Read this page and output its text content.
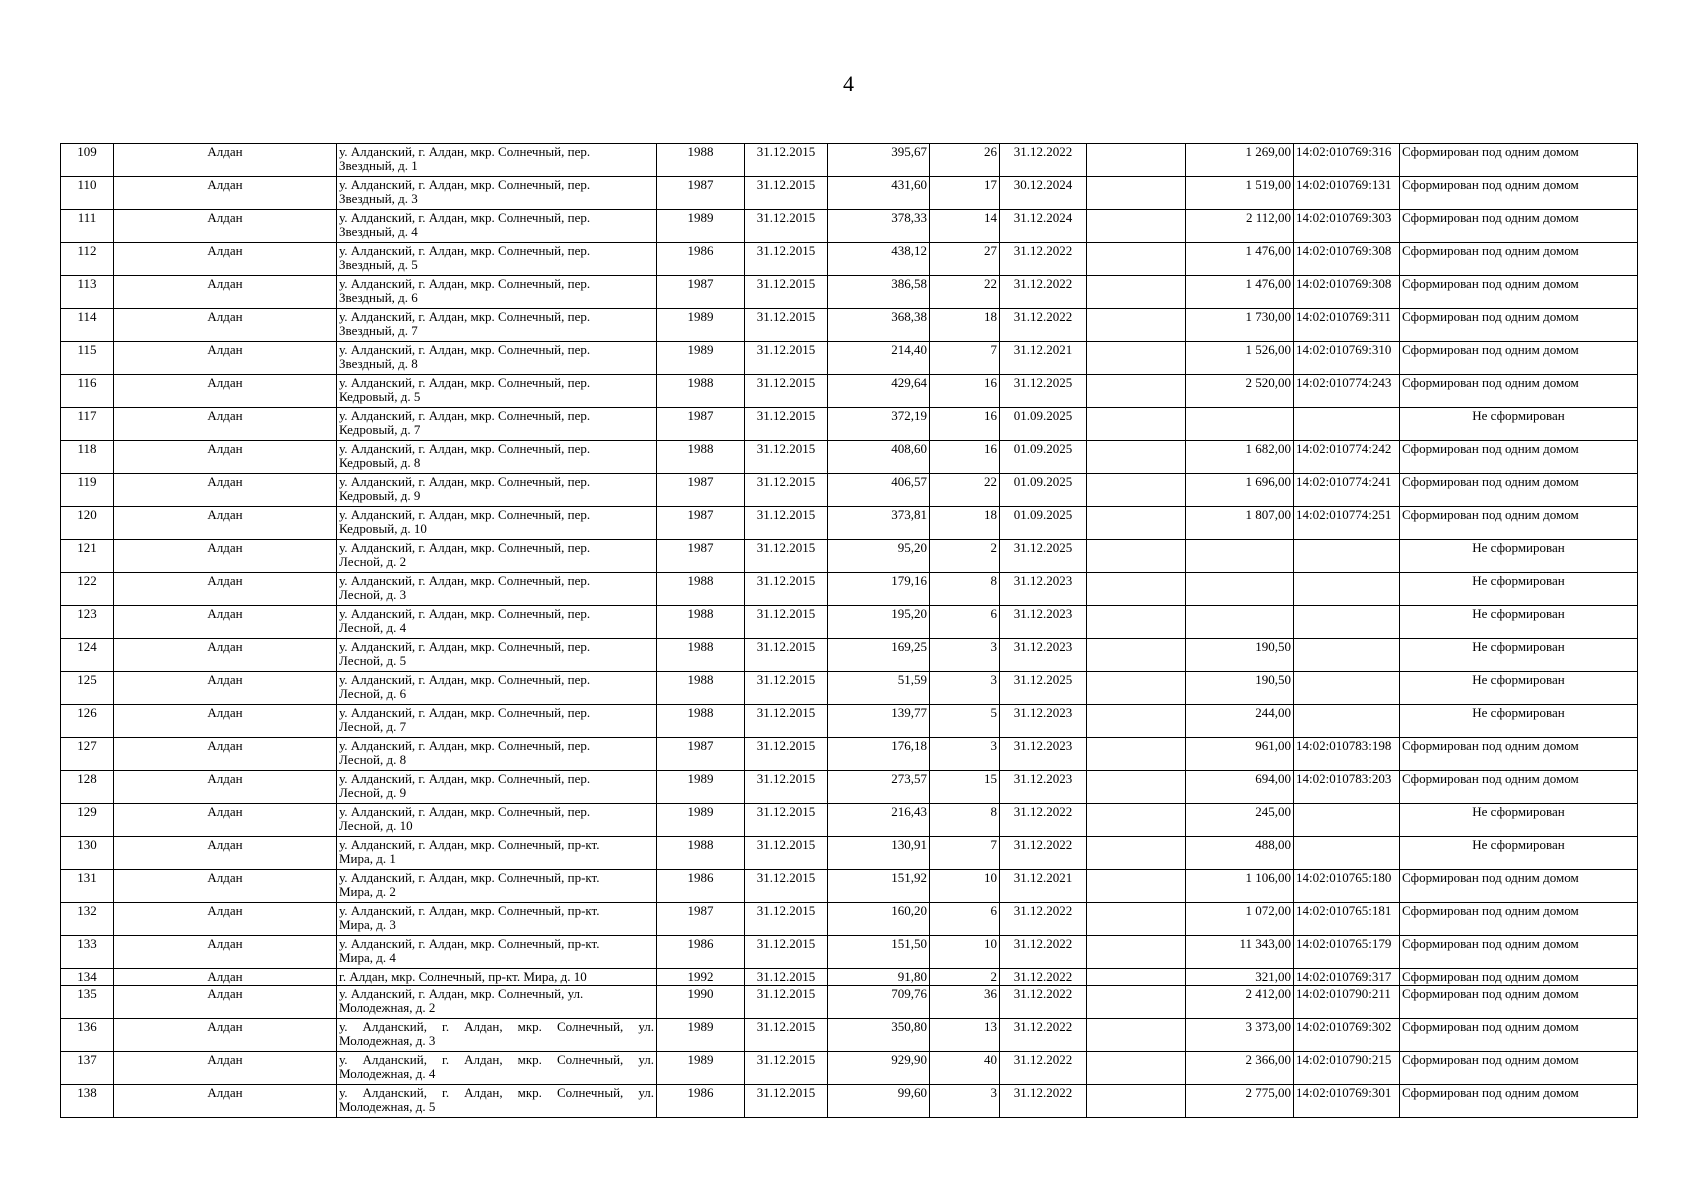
4
109	Алдан	у. Алданский, г. Алдан, мкр. Солнечный, пер.
Звездный, д. 1	1988	31.12.2015	395,67	26	31.12.2022		1 269,00	14:02:010769:316	Сформирован под одним домом
110	Алдан	у. Алданский, г. Алдан, мкр. Солнечный, пер.
Звездный, д. 3	1987	31.12.2015	431,60	17	30.12.2024		1 519,00	14:02:010769:131	Сформирован под одним домом
111	Алдан	у. Алданский, г. Алдан, мкр. Солнечный, пер.
Звездный, д. 4	1989	31.12.2015	378,33	14	31.12.2024		2 112,00	14:02:010769:303	Сформирован под одним домом
112	Алдан	у. Алданский, г. Алдан, мкр. Солнечный, пер.
Звездный, д. 5	1986	31.12.2015	438,12	27	31.12.2022		1 476,00	14:02:010769:308	Сформирован под одним домом
113	Алдан	у. Алданский, г. Алдан, мкр. Солнечный, пер.
Звездный, д. 6	1987	31.12.2015	386,58	22	31.12.2022		1 476,00	14:02:010769:308	Сформирован под одним домом
114	Алдан	у. Алданский, г. Алдан, мкр. Солнечный, пер.
Звездный, д. 7	1989	31.12.2015	368,38	18	31.12.2022		1 730,00	14:02:010769:311	Сформирован под одним домом
115	Алдан	у. Алданский, г. Алдан, мкр. Солнечный, пер.
Звездный, д. 8	1989	31.12.2015	214,40	7	31.12.2021		1 526,00	14:02:010769:310	Сформирован под одним домом
116	Алдан	у. Алданский, г. Алдан, мкр. Солнечный, пер.
Кедровый, д. 5	1988	31.12.2015	429,64	16	31.12.2025		2 520,00	14:02:010774:243	Сформирован под одним домом
117	Алдан	у. Алданский, г. Алдан, мкр. Солнечный, пер.
Кедровый, д. 7	1987	31.12.2015	372,19	16	01.09.2025				Не сформирован
118	Алдан	у. Алданский, г. Алдан, мкр. Солнечный, пер.
Кедровый, д. 8	1988	31.12.2015	408,60	16	01.09.2025		1 682,00	14:02:010774:242	Сформирован под одним домом
119	Алдан	у. Алданский, г. Алдан, мкр. Солнечный, пер.
Кедровый, д. 9	1987	31.12.2015	406,57	22	01.09.2025		1 696,00	14:02:010774:241	Сформирован под одним домом
120	Алдан	у. Алданский, г. Алдан, мкр. Солнечный, пер.
Кедровый, д. 10	1987	31.12.2015	373,81	18	01.09.2025		1 807,00	14:02:010774:251	Сформирован под одним домом
121	Алдан	у. Алданский, г. Алдан, мкр. Солнечный, пер.
Лесной, д. 2	1987	31.12.2015	95,20	2	31.12.2025				Не сформирован
122	Алдан	у. Алданский, г. Алдан, мкр. Солнечный, пер.
Лесной, д. 3	1988	31.12.2015	179,16	8	31.12.2023				Не сформирован
123	Алдан	у. Алданский, г. Алдан, мкр. Солнечный, пер.
Лесной, д. 4	1988	31.12.2015	195,20	6	31.12.2023				Не сформирован
124	Алдан	у. Алданский, г. Алдан, мкр. Солнечный, пер.
Лесной, д. 5	1988	31.12.2015	169,25	3	31.12.2023		190,50		Не сформирован
125	Алдан	у. Алданский, г. Алдан, мкр. Солнечный, пер.
Лесной, д. 6	1988	31.12.2015	51,59	3	31.12.2025		190,50		Не сформирован
126	Алдан	у. Алданский, г. Алдан, мкр. Солнечный, пер.
Лесной, д. 7	1988	31.12.2015	139,77	5	31.12.2023		244,00		Не сформирован
127	Алдан	у. Алданский, г. Алдан, мкр. Солнечный, пер.
Лесной, д. 8	1987	31.12.2015	176,18	3	31.12.2023		961,00	14:02:010783:198	Сформирован под одним домом
128	Алдан	у. Алданский, г. Алдан, мкр. Солнечный, пер.
Лесной, д. 9	1989	31.12.2015	273,57	15	31.12.2023		694,00	14:02:010783:203	Сформирован под одним домом
129	Алдан	у. Алданский, г. Алдан, мкр. Солнечный, пер.
Лесной, д. 10	1989	31.12.2015	216,43	8	31.12.2022		245,00		Не сформирован
130	Алдан	у. Алданский, г. Алдан, мкр. Солнечный, пр-кт.
Мира, д. 1	1988	31.12.2015	130,91	7	31.12.2022		488,00		Не сформирован
131	Алдан	у. Алданский, г. Алдан, мкр. Солнечный, пр-кт.
Мира, д. 2	1986	31.12.2015	151,92	10	31.12.2021		1 106,00	14:02:010765:180	Сформирован под одним домом
132	Алдан	у. Алданский, г. Алдан, мкр. Солнечный, пр-кт.
Мира, д. 3	1987	31.12.2015	160,20	6	31.12.2022		1 072,00	14:02:010765:181	Сформирован под одним домом
133	Алдан	у. Алданский, г. Алдан, мкр. Солнечный, пр-кт.
Мира, д. 4	1986	31.12.2015	151,50	10	31.12.2022		11 343,00	14:02:010765:179	Сформирован под одним домом
134	Алдан	г. Алдан, мкр. Солнечный, пр-кт. Мира, д. 10	1992	31.12.2015	91,80	2	31.12.2022		321,00	14:02:010769:317	Сформирован под одним домом
135	Алдан	у. Алданский, г. Алдан, мкр. Солнечный, ул.
Молодежная, д. 2	1990	31.12.2015	709,76	36	31.12.2022		2 412,00	14:02:010790:211	Сформирован под одним домом
136	Алдан	у. Алданский, г. Алдан, мкр. Солнечный, ул.
Молодежная, д. 3	1989	31.12.2015	350,80	13	31.12.2022		3 373,00	14:02:010769:302	Сформирован под одним домом
137	Алдан	у. Алданский, г. Алдан, мкр. Солнечный, ул.
Молодежная, д. 4	1989	31.12.2015	929,90	40	31.12.2022		2 366,00	14:02:010790:215	Сформирован под одним домом
138	Алдан	у. Алданский, г. Алдан, мкр. Солнечный, ул.
Молодежная, д. 5	1986	31.12.2015	99,60	3	31.12.2022		2 775,00	14:02:010769:301	Сформирован под одним домом
